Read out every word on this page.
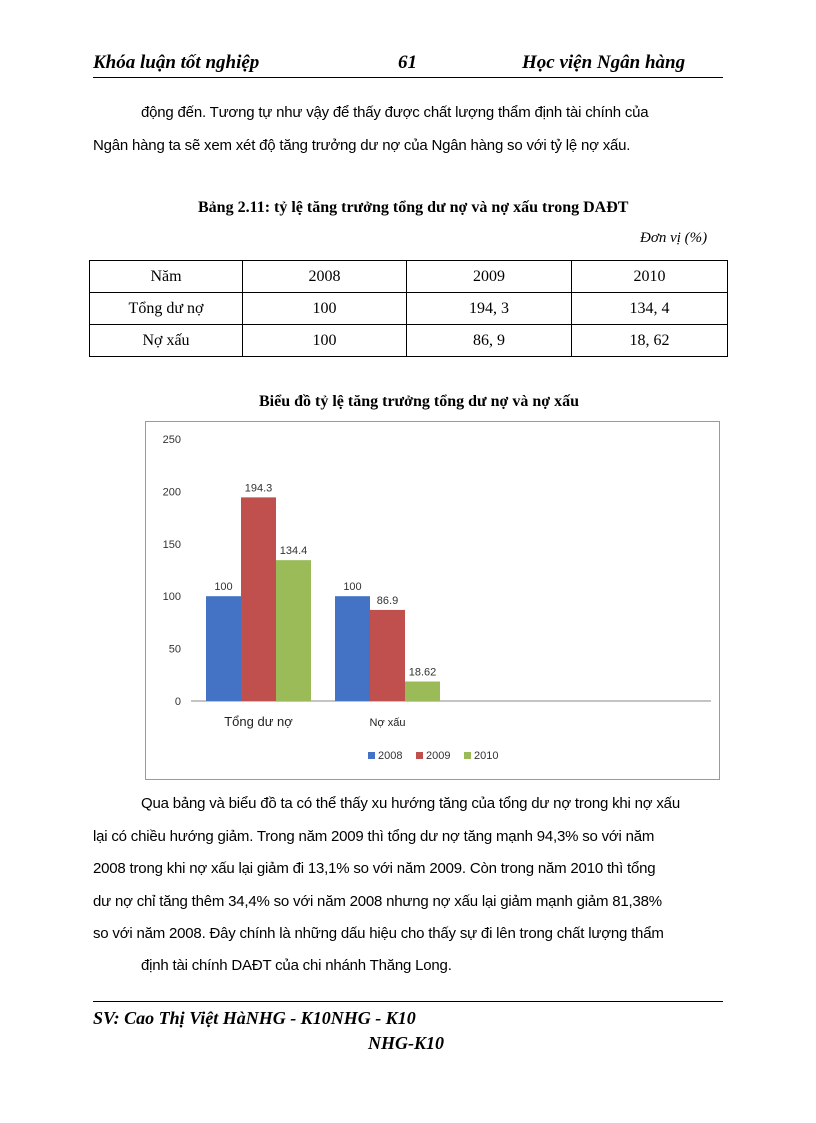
Khóa luận tốt nghiệp	61	Học viện Ngân hàng
động đến. Tương tự như vậy để thấy được chất lượng thẩm định tài chính của
Ngân hàng ta sẽ xem xét độ tăng trưởng dư nợ của Ngân hàng so với tỷ lệ nợ xấu.
Bảng 2.11: tỷ lệ tăng trưởng tổng dư nợ và nợ xấu trong DAĐT
Đơn vị (%)
Năm	2008	2009	2010
Tổng dư nợ	100	194, 3	134, 4
Nợ xấu	100	86, 9	18, 62
Biểu đồ tỷ lệ tăng trưởng tổng dư nợ và nợ xấu
0
50
100
150
200
250
100
194.3
134.4
Tổng dư nợ
100
86.9
18.62
Nợ xấu
2008 2009 2010
Qua bảng và biểu đồ ta có thể thấy xu hướng tăng của tổng dư nợ trong khi nợ xấu
lại có chiều hướng giảm. Trong năm 2009 thì tổng dư nợ tăng mạnh 94,3% so với năm
2008 trong khi nợ xấu lại giảm đi 13,1% so với năm 2009. Còn trong năm 2010 thì tổng
dư nợ chỉ tăng thêm 34,4% so với năm 2008 nhưng nợ xấu lại giảm mạnh giảm 81,38%
so với năm 2008. Đây chính là những dấu hiệu cho thấy sự đi lên trong chất lượng thẩm
định tài chính DAĐT của chi nhánh Thăng Long.
SV: Cao Thị Việt HàNHG - K10NHG - K10
NHG-K10
